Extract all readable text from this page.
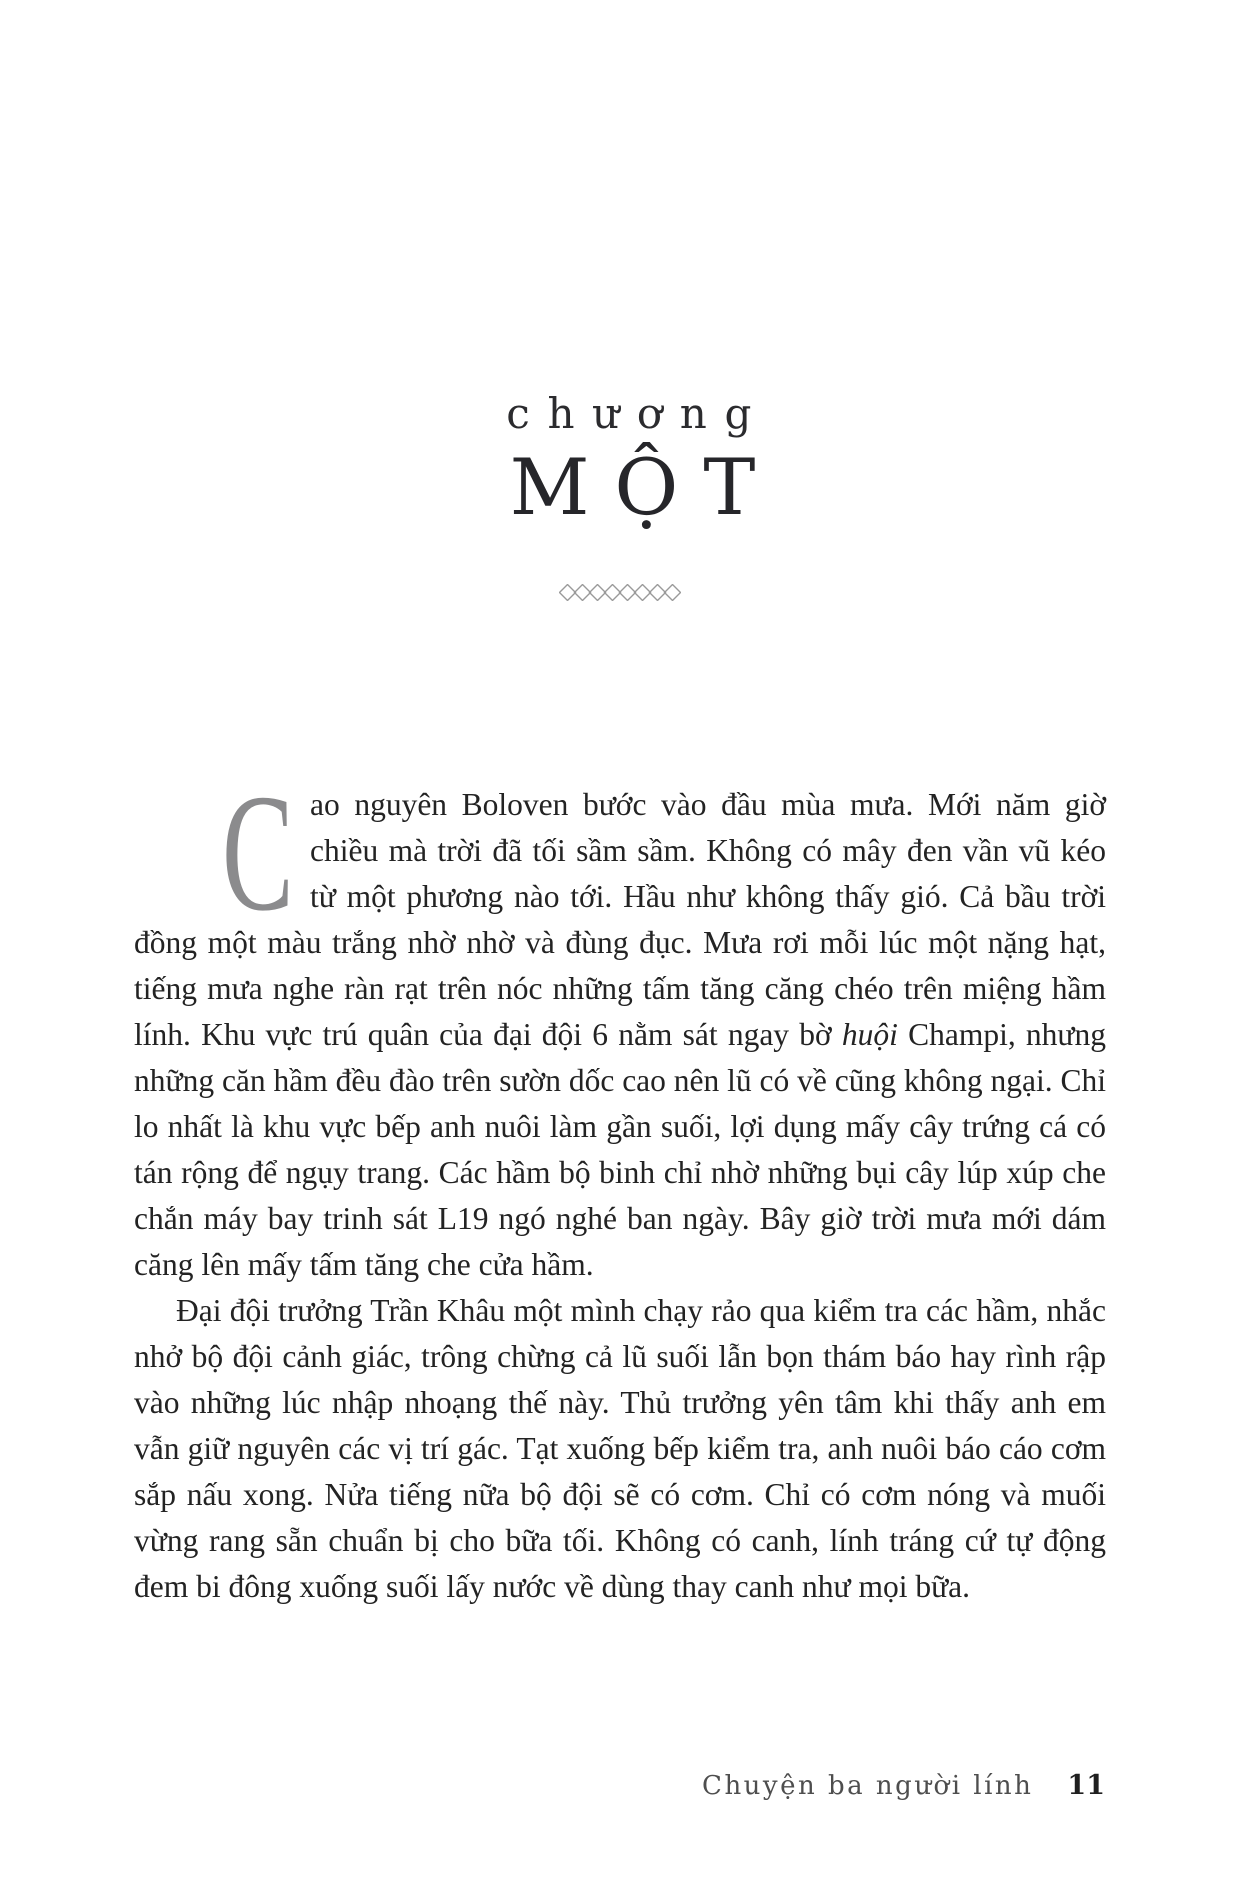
chương
MỘT

Cao nguyên Boloven bước vào đầu mùa mưa. Mới năm giờ chiều mà trời đã tối sầm sầm. Không có mây đen vần vũ kéo từ một phương nào tới. Hầu như không thấy gió. Cả bầu trời đồng một màu trắng nhờ nhờ và đùng đục. Mưa rơi mỗi lúc một nặng hạt, tiếng mưa nghe ràn rạt trên nóc những tấm tăng căng chéo trên miệng hầm lính. Khu vực trú quân của đại đội 6 nằm sát ngay bờ huội Champi, nhưng những căn hầm đều đào trên sườn dốc cao nên lũ có về cũng không ngại. Chỉ lo nhất là khu vực bếp anh nuôi làm gần suối, lợi dụng mấy cây trứng cá có tán rộng để ngụy trang. Các hầm bộ binh chỉ nhờ những bụi cây lúp xúp che chắn máy bay trinh sát L19 ngó nghé ban ngày. Bây giờ trời mưa mới dám căng lên mấy tấm tăng che cửa hầm.

Đại đội trưởng Trần Khâu một mình chạy rảo qua kiểm tra các hầm, nhắc nhở bộ đội cảnh giác, trông chừng cả lũ suối lẫn bọn thám báo hay rình rập vào những lúc nhập nhoạng thế này. Thủ trưởng yên tâm khi thấy anh em vẫn giữ nguyên các vị trí gác. Tạt xuống bếp kiểm tra, anh nuôi báo cáo cơm sắp nấu xong. Nửa tiếng nữa bộ đội sẽ có cơm. Chỉ có cơm nóng và muối vừng rang sẵn chuẩn bị cho bữa tối. Không có canh, lính tráng cứ tự động đem bi đông xuống suối lấy nước về dùng thay canh như mọi bữa.

Chuyện ba người lính 11
